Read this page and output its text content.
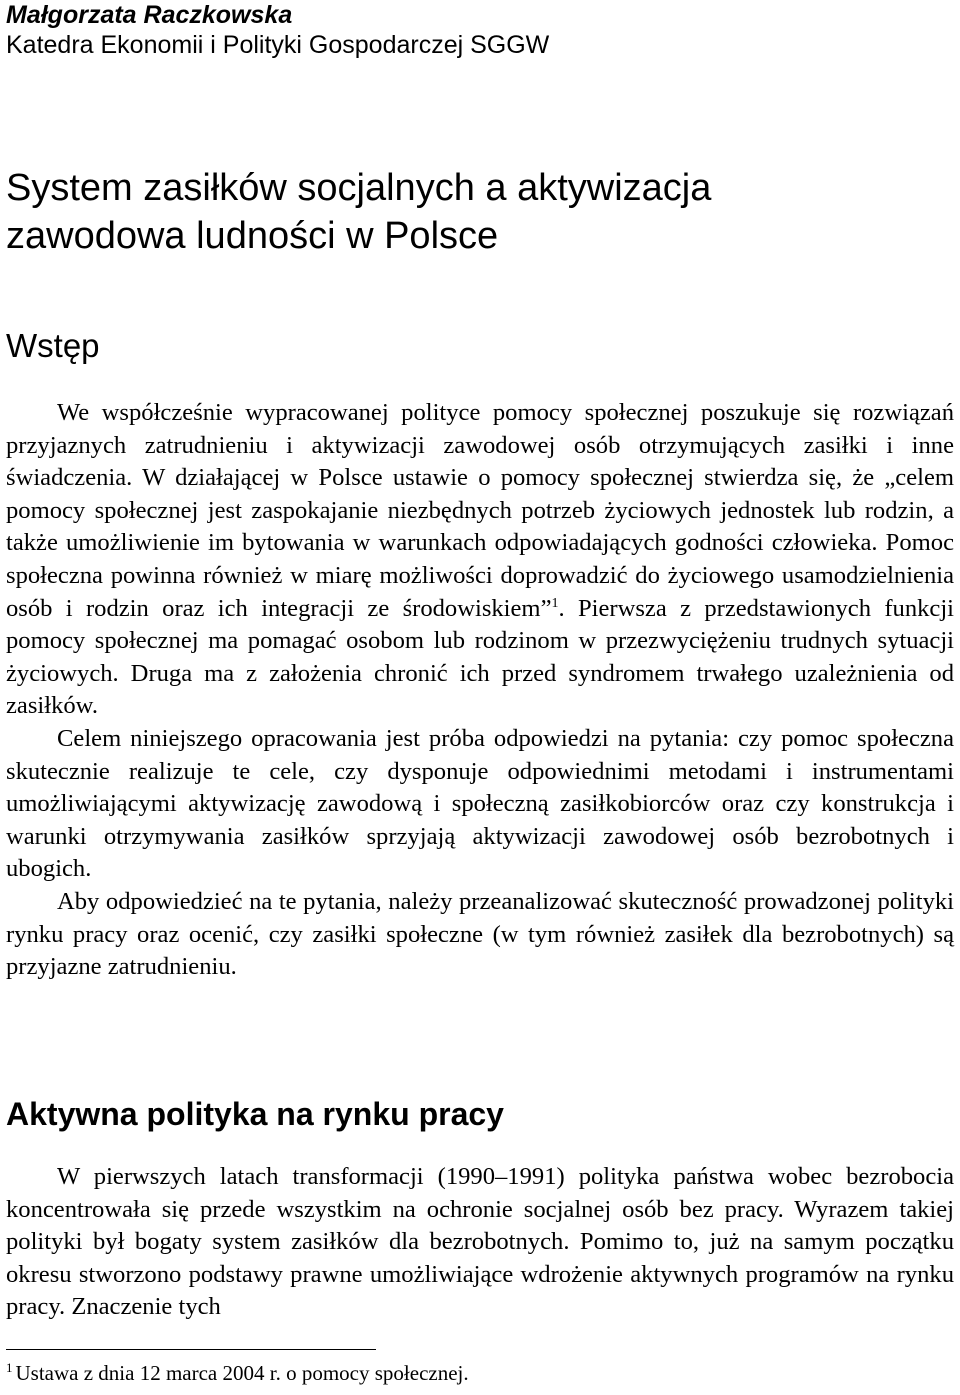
Małgorzata Raczkowska

Katedra Ekonomii i Polityki Gospodarczej SGGW

System zasiłków socjalnych a aktywizacja
zawodowa ludności w Polsce
Wstęp

We współcześnie wypracowanej polityce pomocy społecznej poszukuje się rozwiązań przyjaznych zatrudnieniu i aktywizacji zawodowej osób otrzymujących zasiłki i inne świadczenia. W działającej w Polsce ustawie o pomocy społecznej stwierdza się, że „celem pomocy społecznej jest zaspokajanie niezbędnych potrzeb życiowych jednostek lub rodzin, a także umożliwienie im bytowania w warunkach odpowiadających godności człowieka. Pomoc społeczna powinna również w miarę możliwości doprowadzić do życiowego usamodzielnienia osób i rodzin oraz ich integracji ze środowiskiem”$^1$. Pierwsza z przedstawionych funkcji pomocy społecznej ma pomagać osobom lub rodzinom w przezwyciężeniu trudnych sytuacji życiowych. Druga ma z założenia chronić ich przed syndromem trwałego uzależnienia od zasiłków.

Celem niniejszego opracowania jest próba odpowiedzi na pytania: czy pomoc społeczna skutecznie realizuje te cele, czy dysponuje odpowiednimi metodami i instrumentami umożliwiającymi aktywizację zawodową i społeczną zasiłkobiorców oraz czy konstrukcja i warunki otrzymywania zasiłków sprzyjają aktywizacji zawodowej osób bezrobotnych i ubogich.

Aby odpowiedzieć na te pytania, należy przeanalizować skuteczność prowadzonej polityki rynku pracy oraz ocenić, czy zasiłki społeczne (w tym również zasiłek dla bezrobotnych) są przyjazne zatrudnieniu.

Aktywna polityka na rynku pracy

W pierwszych latach transformacji (1990–1991) polityka państwa wobec bezrobocia koncentrowała się przede wszystkim na ochronie socjalnej osób bez pracy. Wyrazem takiej polityki był bogaty system zasiłków dla bezrobotnych. Pomimo to, już na samym początku okresu stworzono podstawy prawne umożliwiające wdrożenie aktywnych programów na rynku pracy. Znaczenie tych

$^1$ Ustawa z dnia 12 marca 2004 r. o pomocy społecznej.
